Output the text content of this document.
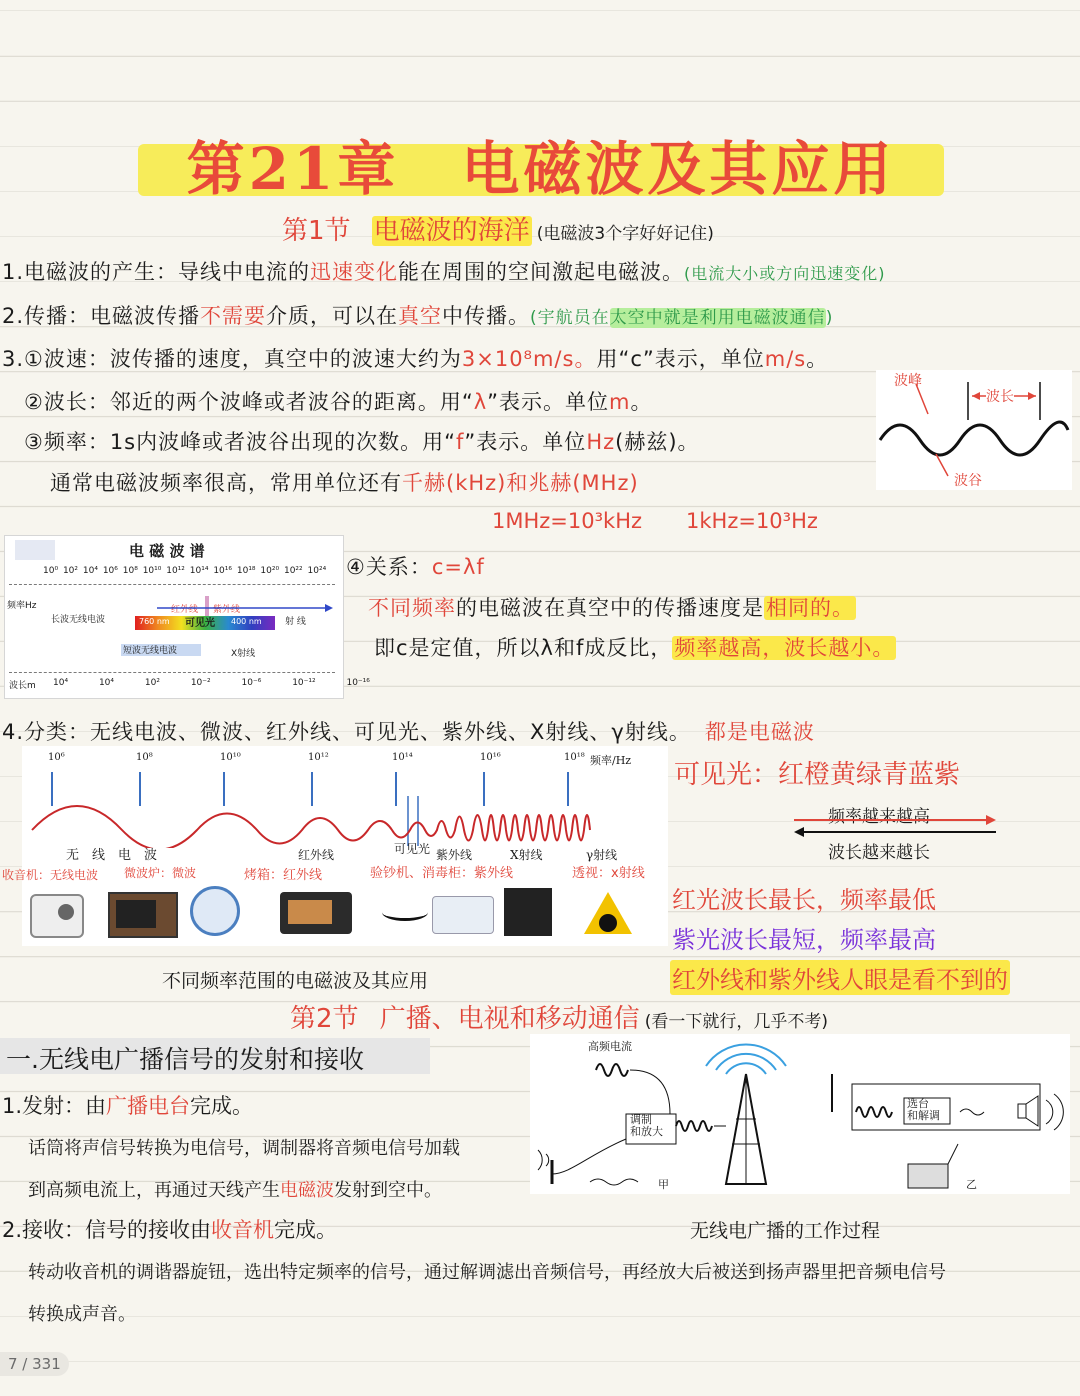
第21章　电磁波及其应用
第1节 电磁波的海洋 (电磁波3个字好好记住)
1.电磁波的产生：导线中电流的迅速变化能在周围的空间激起电磁波。(电流大小或方向迅速变化)
2.传播：电磁波传播不需要介质，可以在真空中传播。(宇航员在太空中就是利用电磁波通信)
3.①波速：波传播的速度，真空中的波速大约为3×10⁸m/s。用“c”表示，单位m/s。
②波长：邻近的两个波峰或者波谷的距离。用“λ”表示。单位m。
③频率：1s内波峰或者波谷出现的次数。用“f”表示。单位Hz(赫兹)。
通常电磁波频率很高，常用单位还有千赫(kHz)和兆赫(MHz)
1MHz=10³kHz 1kHz=10³Hz
波峰
波长
波谷
电 磁 波 谱
10⁰ 10² 10⁴ 10⁶ 10⁸ 10¹⁰ 10¹² 10¹⁴ 10¹⁶ 10¹⁸ 10²⁰ 10²² 10²⁴
频率Hz	红外线 紫外线
长波无线电波	760 nm 可见光 400 nm	射 线
短波无线电波	X射线
波长m 10⁴	10⁴	10²	10⁻²	10⁻⁶	10⁻¹²	10⁻¹⁶
④关系：c=λf
不同频率的电磁波在真空中的传播速度是相同的。
即c是定值，所以λ和f成反比，频率越高，波长越小。
4.分类：无线电波、微波、红外线、可见光、紫外线、X射线、γ射线。 都是电磁波
10⁶	10⁸	10¹⁰	10¹²	10¹⁴	10¹⁶	10¹⁸ 频率/Hz
无　线　电　波	红外线	可见光 紫外线	X射线	γ射线
收音机：无线电波 微波炉：微波	烤箱：红外线	验钞机、消毒柜：紫外线	透视：x射线
不同频率范围的电磁波及其应用
可见光：红橙黄绿青蓝紫
频率越来越高
波长越来越长
红光波长最长，频率最低
紫光波长最短，频率最高
红外线和紫外线人眼是看不到的
第2节 广播、电视和移动通信 (看一下就行，几乎不考)
一.无线电广播信号的发射和接收
1.发射：由广播电台完成。
话筒将声信号转换为电信号，调制器将音频电信号加载
到高频电流上，再通过天线产生电磁波发射到空中。
2.接收：信号的接收由收音机完成。
转动收音机的调谐器旋钮，选出特定频率的信号，通过解调滤出音频信号，再经放大后被送到扬声器里把音频电信号
转换成声音。
高频电流
调制
和放大
选台
和解调
甲	乙
无线电广播的工作过程
7 / 331
